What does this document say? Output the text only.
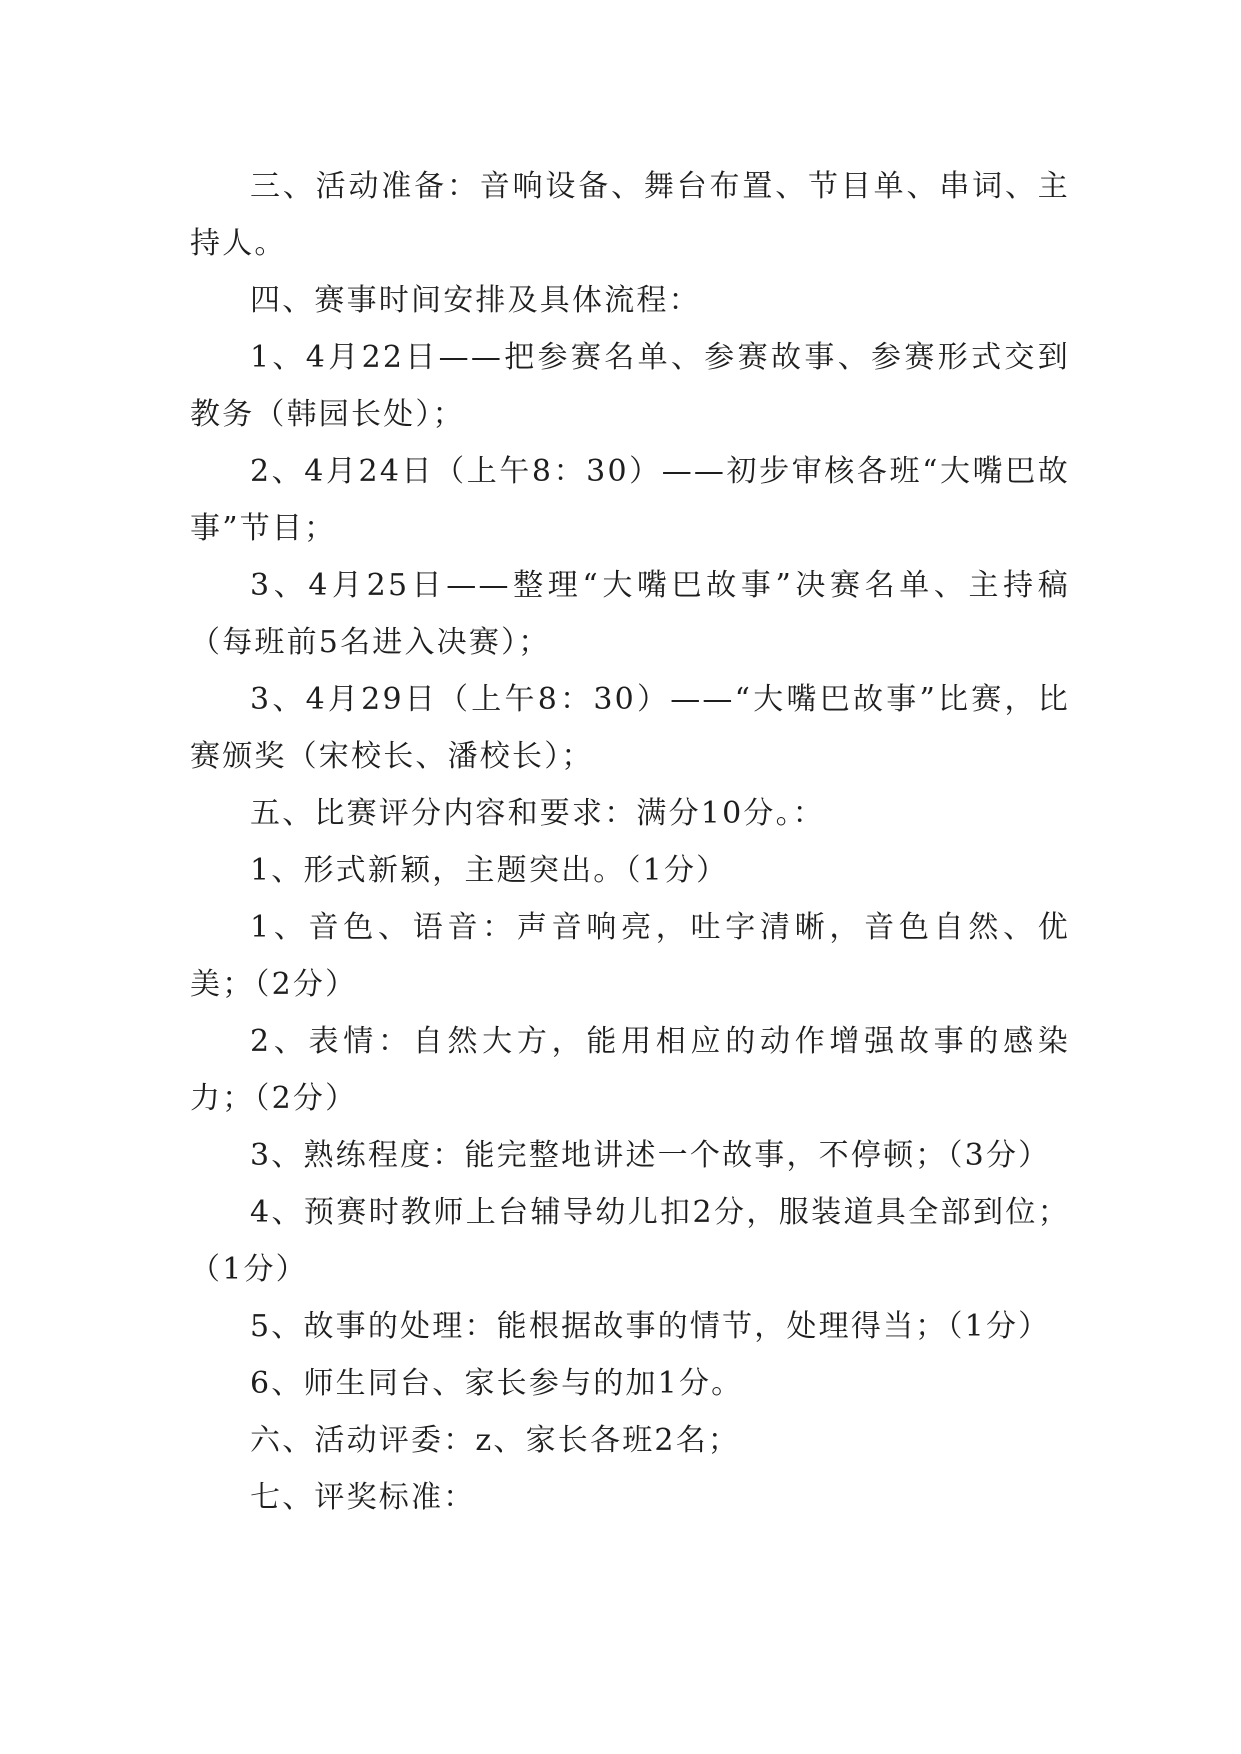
三、活动准备：音响设备、舞台布置、节目单、串词、主持人。

四、赛事时间安排及具体流程：

1、4月22日——把参赛名单、参赛故事、参赛形式交到教务（韩园长处）；

2、4月24日（上午8：30）——初步审核各班“大嘴巴故事”节目；

3、4月25日——整理“大嘴巴故事”决赛名单、主持稿（每班前5名进入决赛）；

3、4月29日（上午8：30）——“大嘴巴故事”比赛，比赛颁奖（宋校长、潘校长）；

五、比赛评分内容和要求：满分10分。：

1、形式新颖，主题突出。（1分）

1、音色、语音：声音响亮，吐字清晰，音色自然、优美；（2分）

2、表情：自然大方，能用相应的动作增强故事的感染力；（2分）

3、熟练程度：能完整地讲述一个故事，不停顿；（3分）

4、预赛时教师上台辅导幼儿扣2分，服装道具全部到位；（1分）

5、故事的处理：能根据故事的情节，处理得当；（1分）

6、师生同台、家长参与的加1分。

六、活动评委：z、家长各班2名；

七、评奖标准：
